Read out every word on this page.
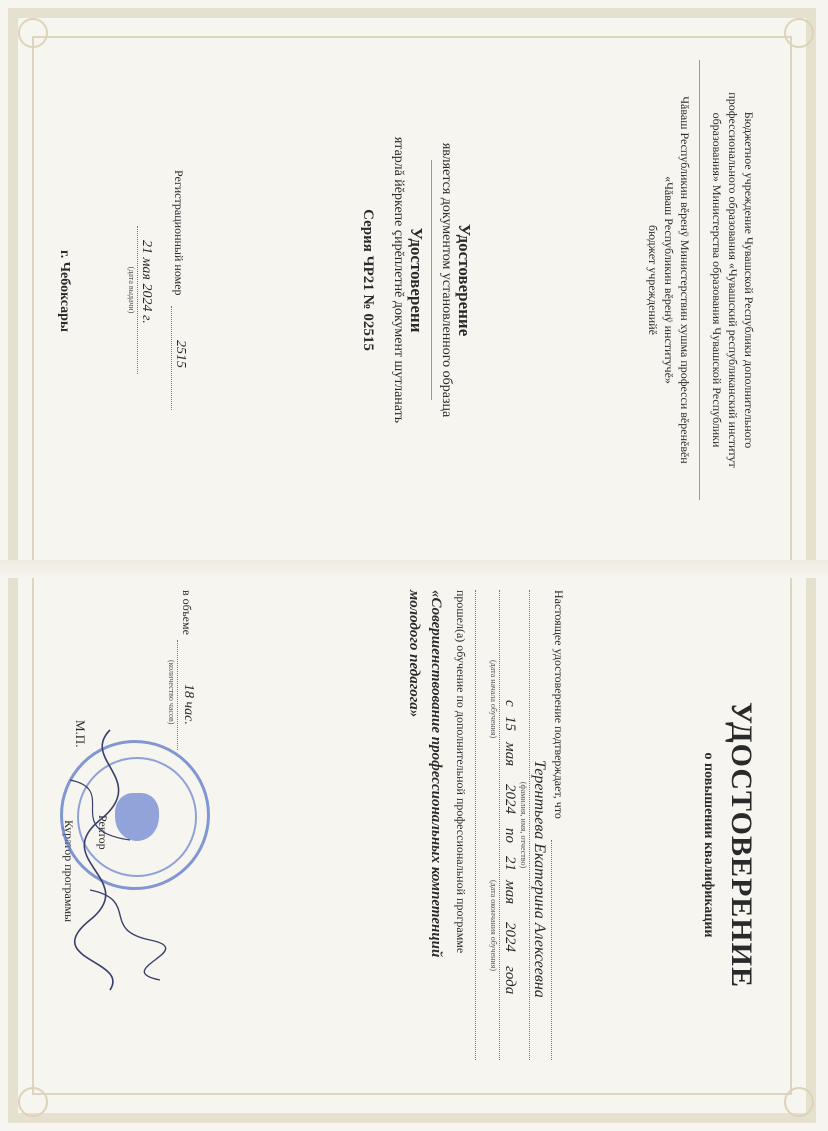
Бюджетное учреждение Чувашской Республики дополнительного
профессионального образования «Чувашский республиканский институт
образования» Министерства образования Чувашской Республики
Чăваш Республикин вĕренÿ Министерствин хушма професси вĕренĕвĕн
«Чăваш Республикин вĕренÿ институчĕ»
бюджет учрежденийĕ
Удостоверение
является документом установленного образца
Удостоверени
ятарлă йĕркепе çирĕплетнĕ документ шутланать
Серия ЧР21 № 02515
Регистрационный номер
2515
21 мая 2024 г.
(дата выдачи)
г. Чебоксары
УДОСТОВЕРЕНИЕ
о повышении квалификации
Настоящее удостоверение подтверждает, что
Терентьева Екатерина Алексеевна
(фамилия, имя, отчество)
с
15
мая
2024
по
21
мая
2024
года
(дата начала обучения)
(дата окончания обучения)
прошел(а) обучение по дополнительной профессиональной программе
«Совершенствование профессиональных компетенций
молодого педагога»
в объеме
18 час.
(количество часов)
Ректор
Куратор программы
М.П.
